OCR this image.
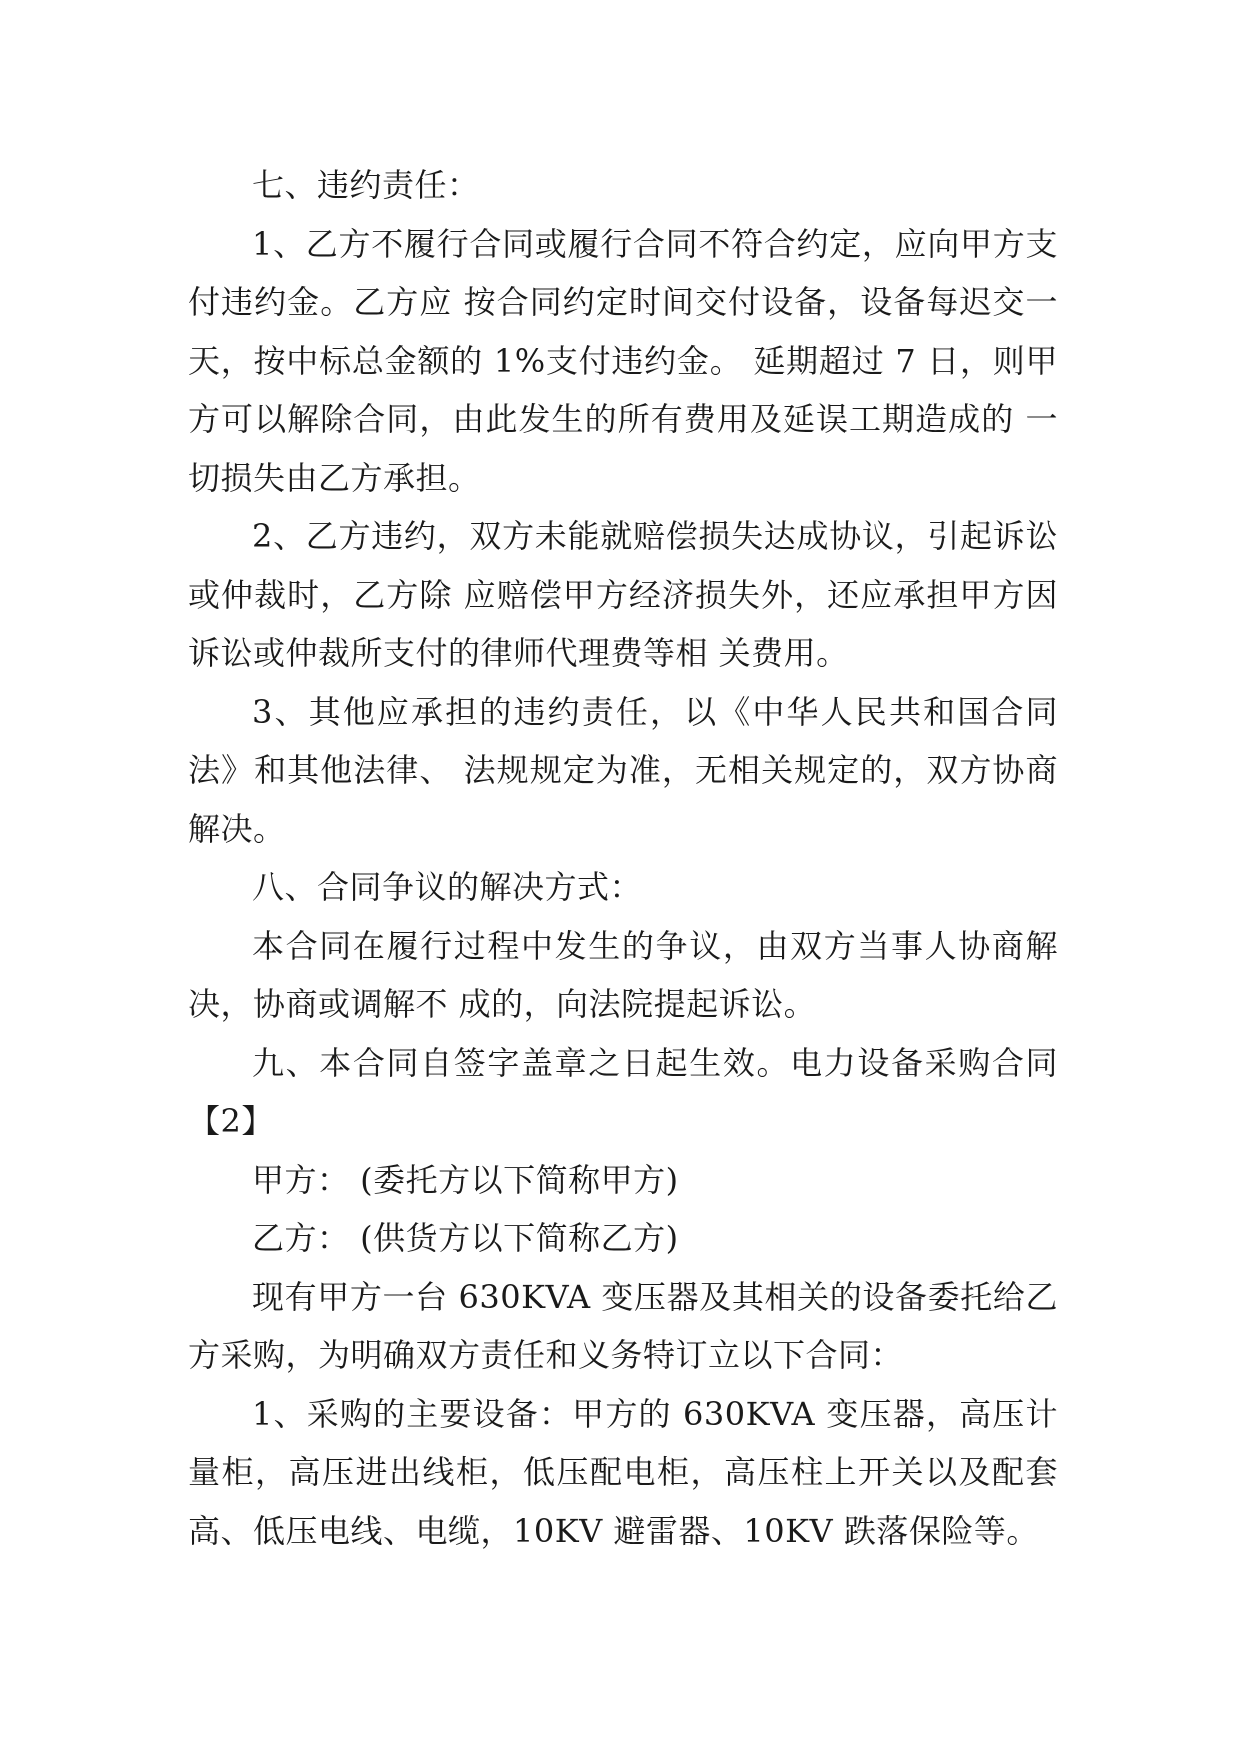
七、违约责任：

1、乙方不履行合同或履行合同不符合约定，应向甲方支付违约金。乙方应 按合同约定时间交付设备，设备每迟交一天，按中标总金额的 1%支付违约金。 延期超过 7 日，则甲方可以解除合同，由此发生的所有费用及延误工期造成的 一切损失由乙方承担。

2、乙方违约，双方未能就赔偿损失达成协议，引起诉讼或仲裁时，乙方除 应赔偿甲方经济损失外，还应承担甲方因诉讼或仲裁所支付的律师代理费等相 关费用。

3、其他应承担的违约责任，以《中华人民共和国合同法》和其他法律、 法规规定为准，无相关规定的，双方协商解决。

八、合同争议的解决方式：

本合同在履行过程中发生的争议，由双方当事人协商解决，协商或调解不 成的，向法院提起诉讼。

九、本合同自签字盖章之日起生效。电力设备采购合同【2】

甲方： (委托方以下简称甲方)

乙方： (供货方以下简称乙方)

现有甲方一台 630KVA 变压器及其相关的设备委托给乙方采购，为明确双方责任和义务特订立以下合同：

1、采购的主要设备：甲方的 630KVA 变压器，高压计量柜，高压进出线柜，低压配电柜，高压柱上开关以及配套高、低压电线、电缆，10KV 避雷器、10KV 跌落保险等。
